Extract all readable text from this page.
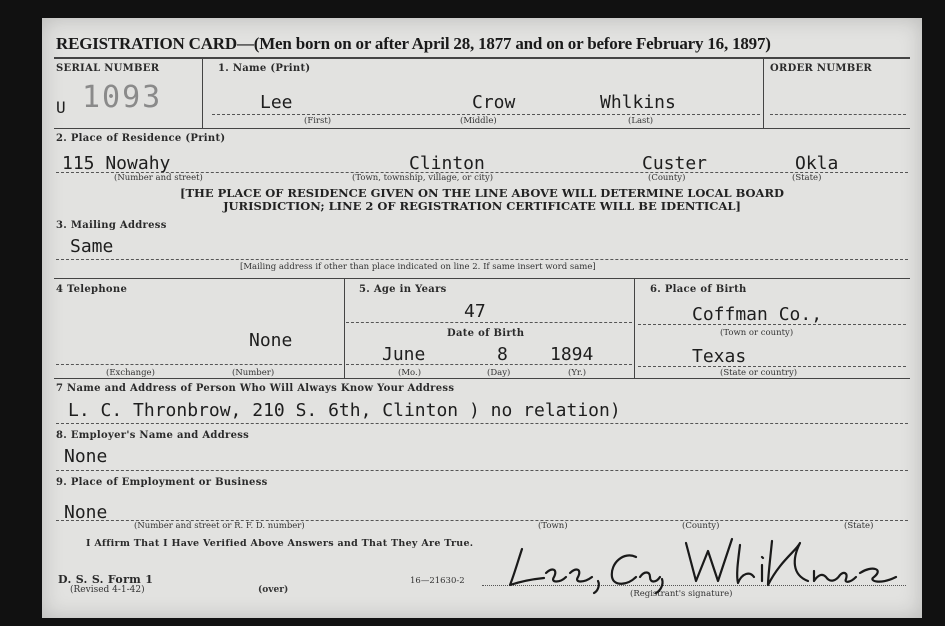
REGISTRATION CARD—(Men born on or after April 28, 1877 and on or before February 16, 1897)
SERIAL NUMBER
U 1093
1. Name (Print)
Lee	Crow	Whlkins
(First)	(Middle)	(Last)
ORDER NUMBER
2. Place of Residence (Print)
115 Nowahy	Clinton	Custer	Okla
(Number and street)	(Town, township, village, or city)	(County)	(State)
[THE PLACE OF RESIDENCE GIVEN ON THE LINE ABOVE WILL DETERMINE LOCAL BOARD
JURISDICTION; LINE 2 OF REGISTRATION CERTIFICATE WILL BE IDENTICAL]
3. Mailing Address
Same
[Mailing address if other than place indicated on line 2. If same insert word same]
4 Telephone
None
(Exchange)	(Number)
5. Age in Years
47
Date of Birth
June	8 1894
(Mo.)	(Day)	(Yr.)
6. Place of Birth
Coffman Co.,
(Town or county)
Texas
(State or country)
7 Name and Address of Person Who Will Always Know Your Address
L. C. Thronbrow, 210 S. 6th, Clinton ) no relation)
8. Employer's Name and Address
None
9. Place of Employment or Business
None
(Number and street or R. F. D. number)	(Town)	(County)	(State)
I Affirm That I Have Verified Above Answers and That They Are True.
D. S. S. Form 1
(Revised 4-1-42)	(over)
16—21630-2
(Registrant's signature)
